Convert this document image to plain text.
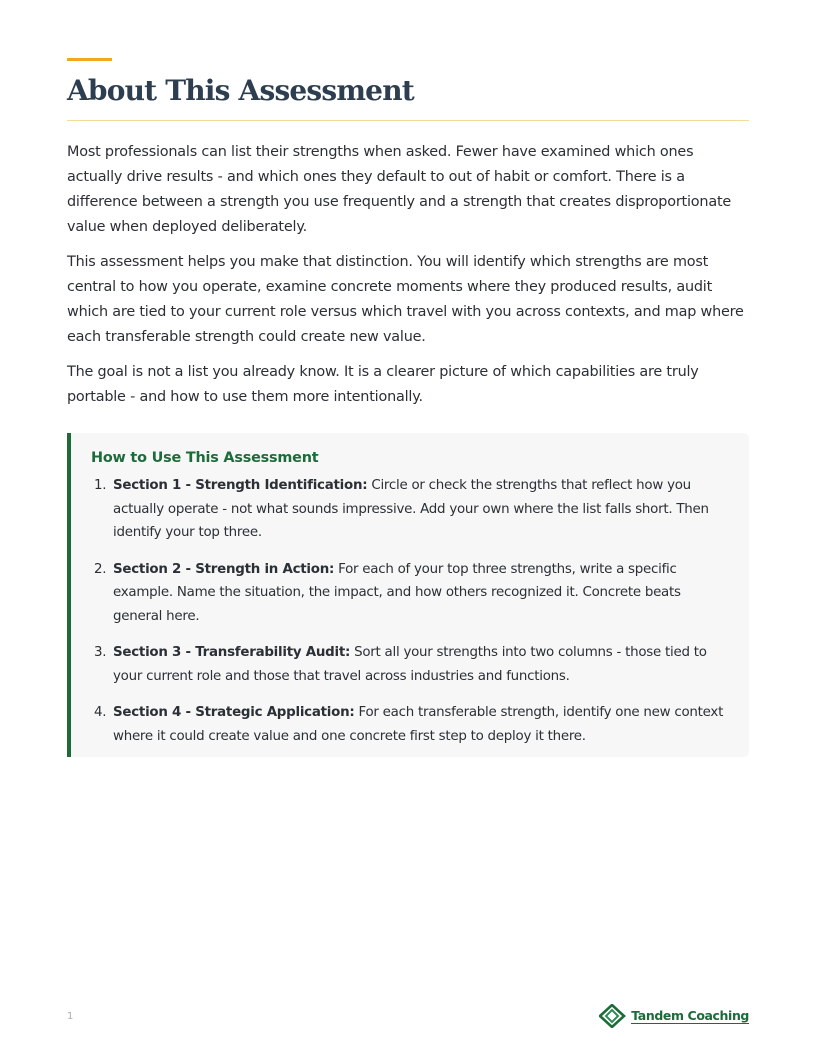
About This Assessment

Most professionals can list their strengths when asked. Fewer have examined which ones actually drive results - and which ones they default to out of habit or comfort. There is a difference between a strength you use frequently and a strength that creates disproportionate value when deployed deliberately.

This assessment helps you make that distinction. You will identify which strengths are most central to how you operate, examine concrete moments where they produced results, audit which are tied to your current role versus which travel with you across contexts, and map where each transferable strength could create new value.

The goal is not a list you already know. It is a clearer picture of which capabilities are truly portable - and how to use them more intentionally.

How to Use This Assessment
1. Section 1 - Strength Identification: Circle or check the strengths that reflect how you actually operate - not what sounds impressive. Add your own where the list falls short. Then identify your top three.
2. Section 2 - Strength in Action: For each of your top three strengths, write a specific example. Name the situation, the impact, and how others recognized it. Concrete beats general here.
3. Section 3 - Transferability Audit: Sort all your strengths into two columns - those tied to your current role and those that travel across industries and functions.
4. Section 4 - Strategic Application: For each transferable strength, identify one new context where it could create value and one concrete first step to deploy it there.
1	Tandem Coaching
